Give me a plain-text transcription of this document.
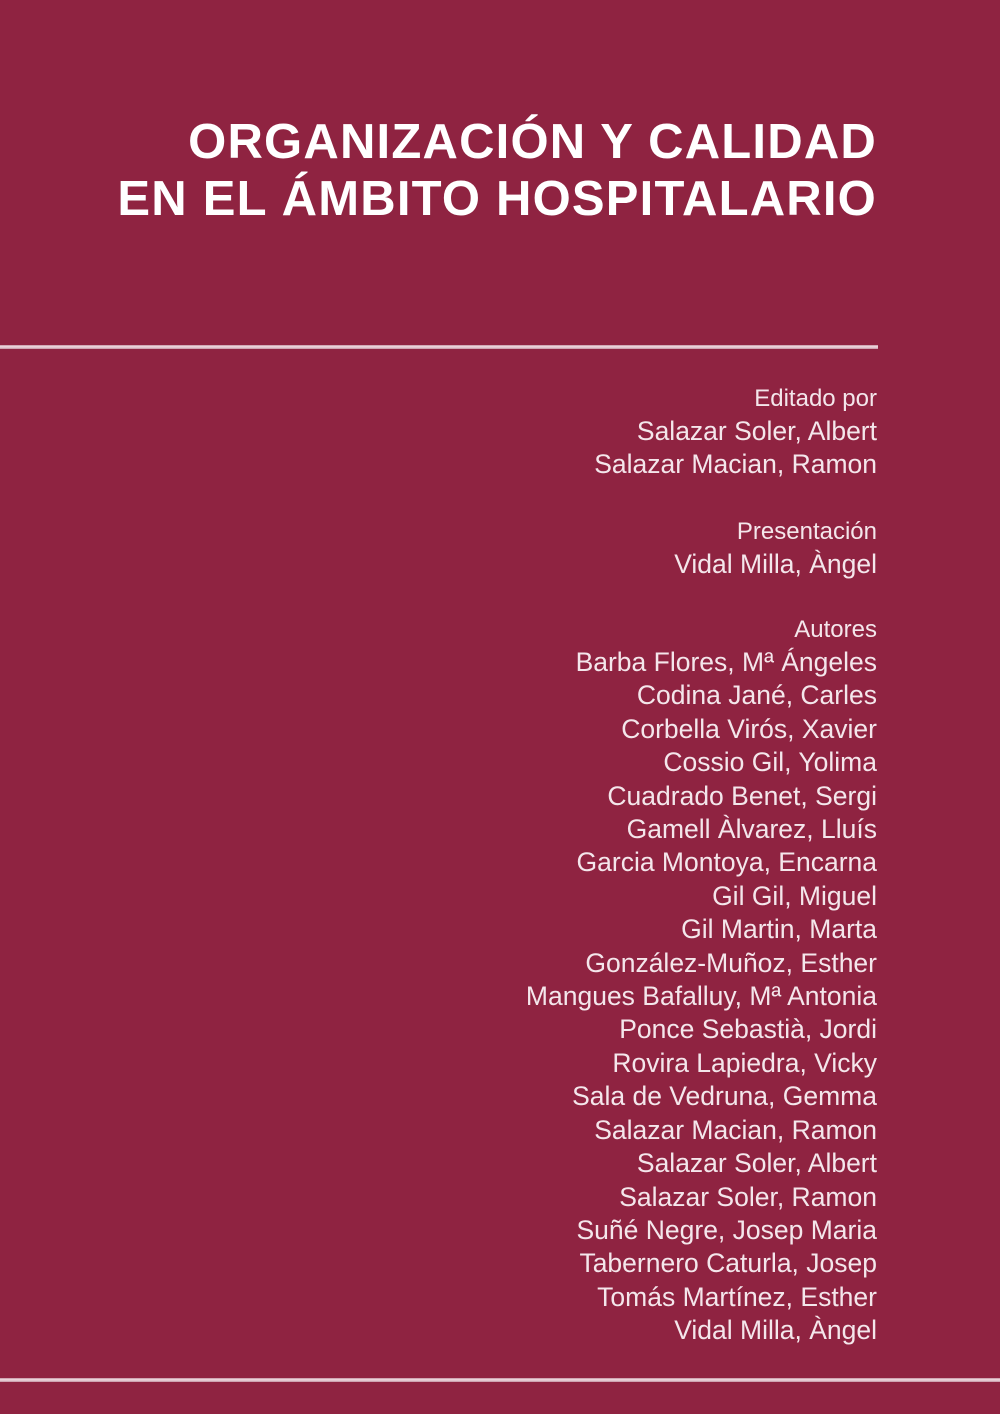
ORGANIZACIÓN Y CALIDAD
EN EL ÁMBITO HOSPITALARIO
Editado por
Salazar Soler, Albert
Salazar Macian, Ramon
Presentación
Vidal Milla, Àngel
Autores
Barba Flores, Mª Ángeles
Codina Jané, Carles
Corbella Virós, Xavier
Cossio Gil, Yolima
Cuadrado Benet, Sergi
Gamell Àlvarez, Lluís
Garcia Montoya, Encarna
Gil Gil, Miguel
Gil Martin, Marta
González-Muñoz, Esther
Mangues Bafalluy, Mª Antonia
Ponce Sebastià, Jordi
Rovira Lapiedra, Vicky
Sala de Vedruna, Gemma
Salazar Macian, Ramon
Salazar Soler, Albert
Salazar Soler, Ramon
Suñé Negre, Josep Maria
Tabernero Caturla, Josep
Tomás Martínez, Esther
Vidal Milla, Àngel
